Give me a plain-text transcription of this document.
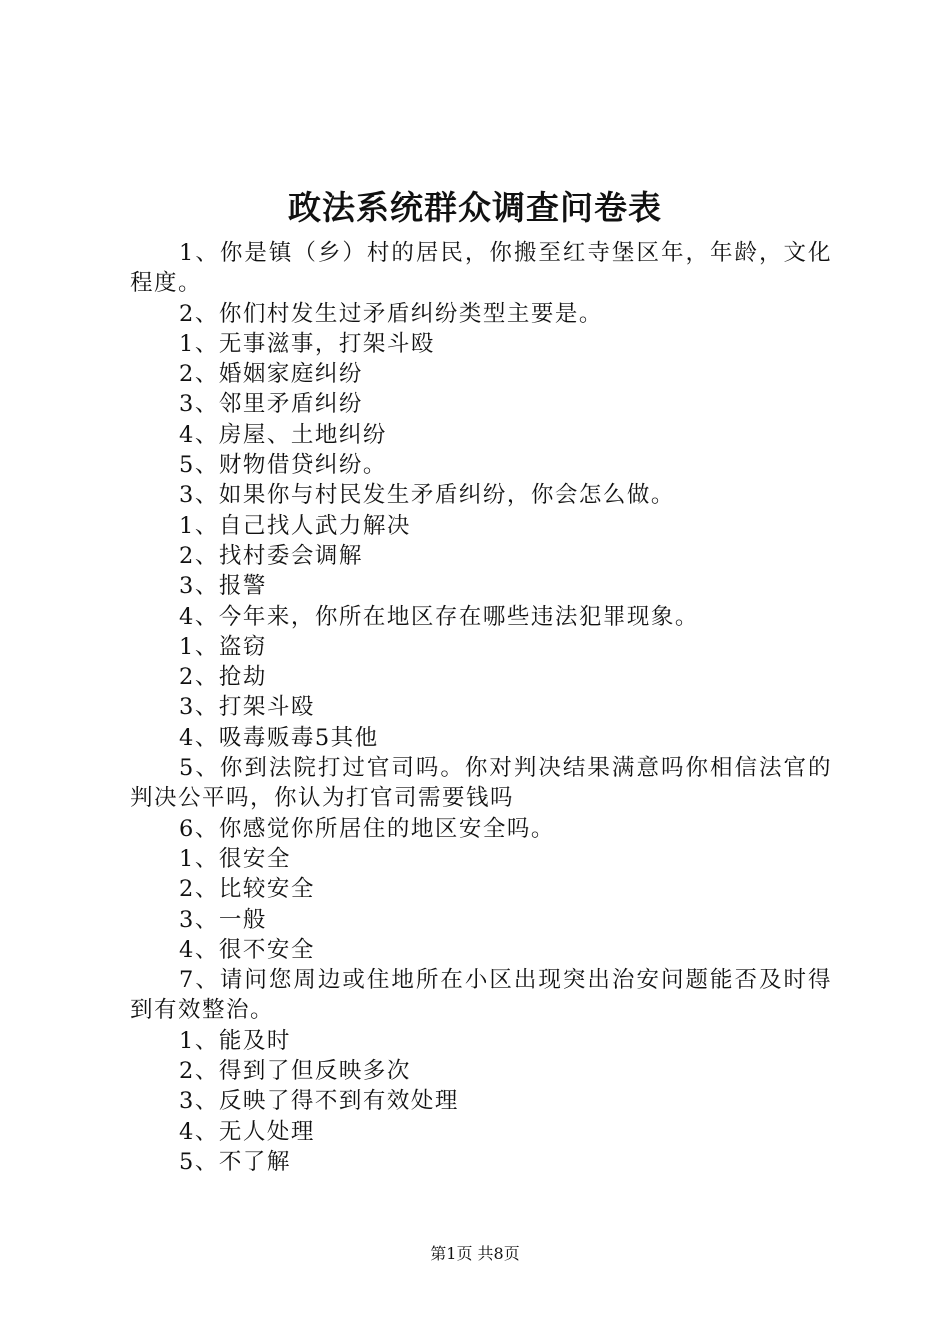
政法系统群众调查问卷表

1、你是镇（乡）村的居民，你搬至红寺堡区年，年龄，文化程度。

2、你们村发生过矛盾纠纷类型主要是。

1、无事滋事，打架斗殴

2、婚姻家庭纠纷

3、邻里矛盾纠纷

4、房屋、土地纠纷

5、财物借贷纠纷。

3、如果你与村民发生矛盾纠纷，你会怎么做。

1、自己找人武力解决

2、找村委会调解

3、报警

4、今年来，你所在地区存在哪些违法犯罪现象。

1、盗窃

2、抢劫

3、打架斗殴

4、吸毒贩毒5其他

5、你到法院打过官司吗。你对判决结果满意吗你相信法官的判决公平吗，你认为打官司需要钱吗

6、你感觉你所居住的地区安全吗。

1、很安全

2、比较安全

3、一般

4、很不安全

7、请问您周边或住地所在小区出现突出治安问题能否及时得到有效整治。

1、能及时

2、得到了但反映多次

3、反映了得不到有效处理

4、无人处理

5、不了解

第1页 共8页
